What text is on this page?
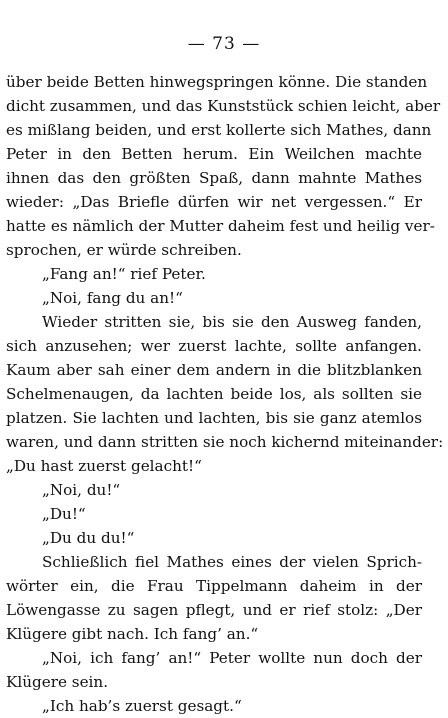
— 73 —
über beide Betten hinwegspringen könne. Die standen
dicht zusammen, und das Kunststück schien leicht, aber
es mißlang beiden, und erst kollerte sich Mathes, dann
Peter in den Betten herum. Ein Weilchen machte
ihnen das den größten Spaß, dann mahnte Mathes
wieder: „Das Briefle dürfen wir net vergessen.“ Er
hatte es nämlich der Mutter daheim fest und heilig ver-
sprochen, er würde schreiben.
„Fang an!“ rief Peter.
„Noi, fang du an!“
Wieder stritten sie, bis sie den Ausweg fanden,
sich anzusehen; wer zuerst lachte, sollte anfangen.
Kaum aber sah einer dem andern in die blitzblanken
Schelmenaugen, da lachten beide los, als sollten sie
platzen. Sie lachten und lachten, bis sie ganz atemlos
waren, und dann stritten sie noch kichernd miteinander:
„Du hast zuerst gelacht!“
„Noi, du!“
„Du!“
„Du du du!“
Schließlich fiel Mathes eines der vielen Sprich-
wörter ein, die Frau Tippelmann daheim in der
Löwengasse zu sagen pflegt, und er rief stolz: „Der
Klügere gibt nach. Ich fang’ an.“
„Noi, ich fang’ an!“ Peter wollte nun doch der
Klügere sein.
„Ich hab’s zuerst gesagt.“
